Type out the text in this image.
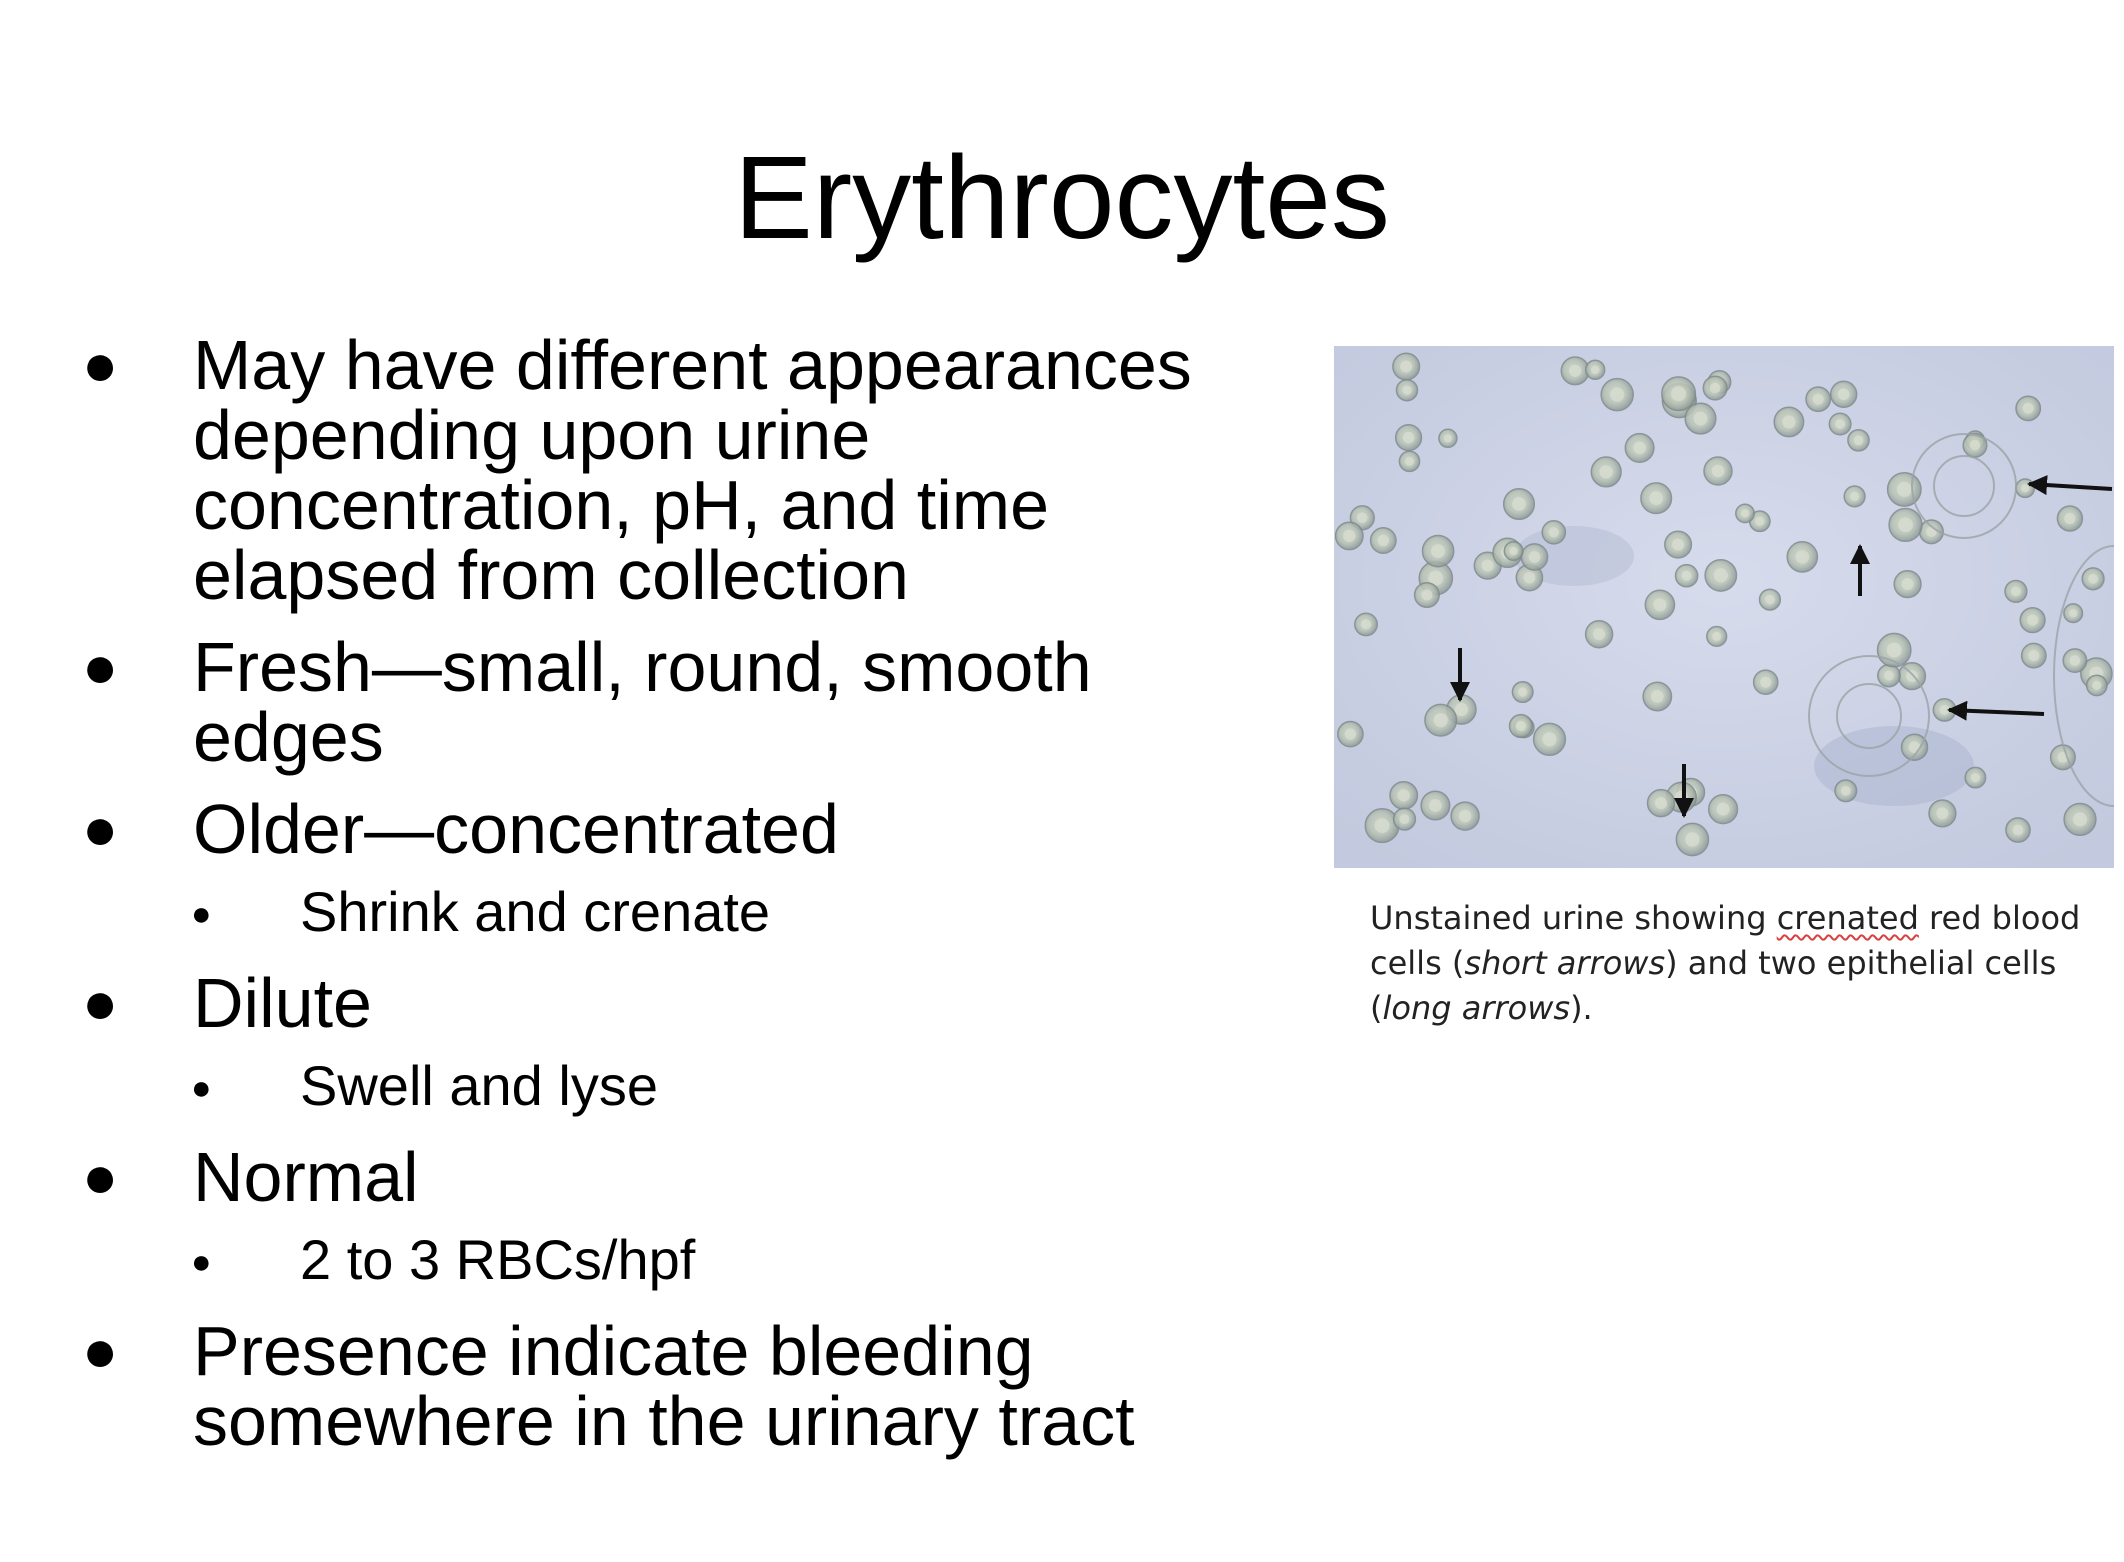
Erythrocytes
● May have different appearances
depending upon urine
concentration, pH, and time
elapsed from collection
● Fresh—small, round, smooth
edges
● Older—concentrated
● Shrink and crenate
● Dilute
● Swell and lyse
● Normal
● 2 to 3 RBCs/hpf
● Presence indicate bleeding
somewhere in the urinary tract
Unstained urine showing crenated red blood cells (short arrows) and two epithelial cells (long arrows).
